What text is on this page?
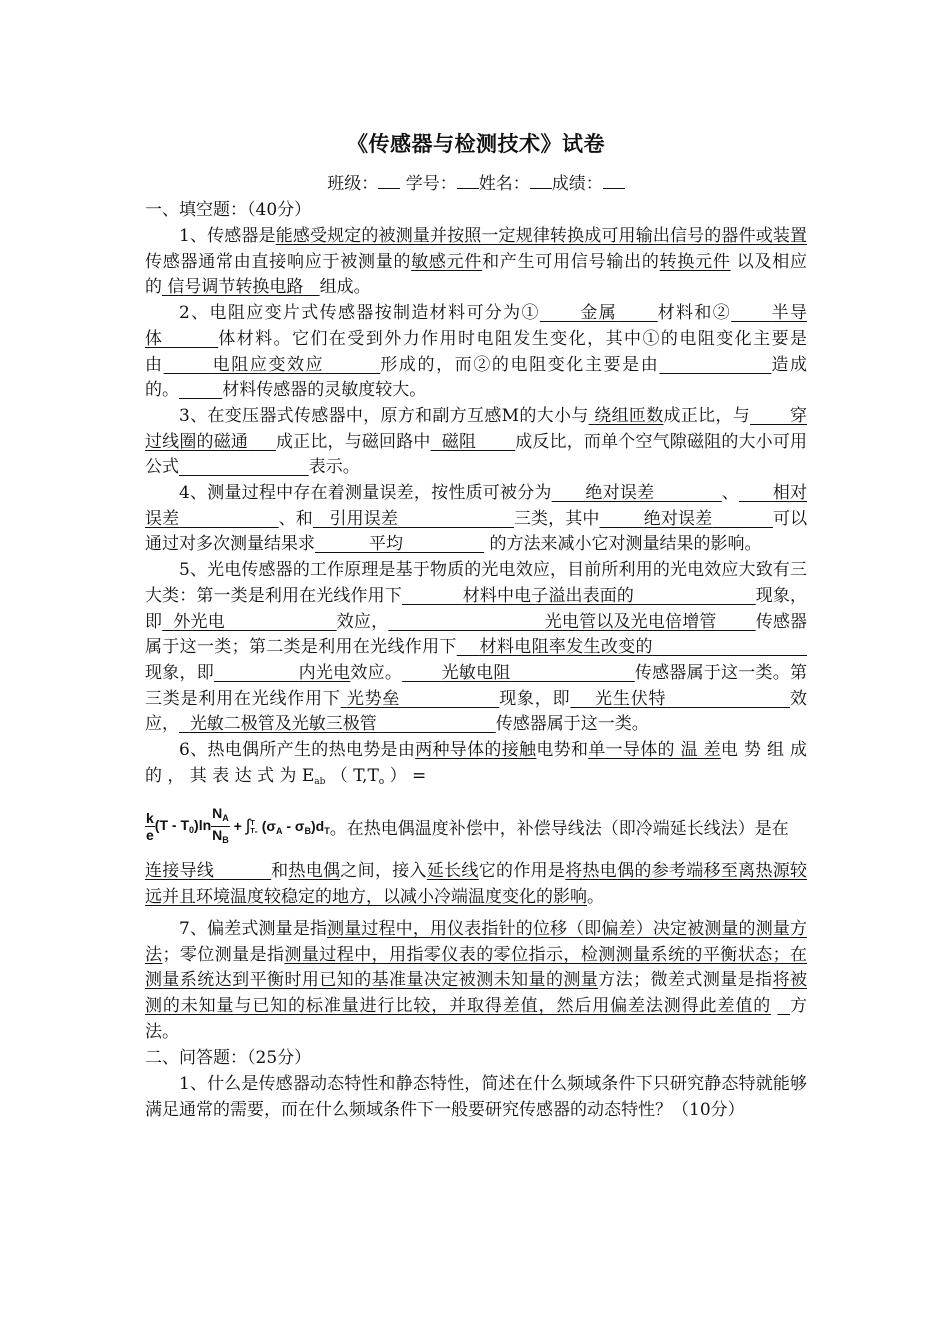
《传感器与检测技术》试卷
班级： 学号： 姓名： 成绩：
一、填空题：（40分）

1、传感器是能感受规定的被测量并按照一定规律转换成可用输出信号的器件或装置传感器通常由直接响应于被测量的敏感元件和产生可用信号输出的转换元件 以及相应的 信号调节转换电路 组成。

2、电阻应变片式传感器按制造材料可分为① 金属 材料和② 半导体	体材料。它们在受到外力作用时电阻发生变化，其中①的电阻变化主要是由	电阻应变效应	形成的，而②的电阻变化主要是由	造成的。	材料传感器的灵敏度较大。

3、在变压器式传感器中，原方和副方互感M的大小与 绕组匝数成正比，与 穿过线圈的磁通 成正比，与磁回路中 磁阻 成反比，而单个空气隙磁阻的大小可用公式	表示。

4、测量过程中存在着测量误差，按性质可被分为 绝对误差	、 相对误差	、和 引用误差	三类，其中	绝对误差	可以通过对多次测量结果求	平均	的方法来减小它对测量结果的影响。

5、光电传感器的工作原理是基于物质的光电效应，目前所利用的光电效应大致有三大类：第一类是利用在光线作用下	材料中电子溢出表面的	现象，即 外光电	效应，	光电管以及光电倍增管 传感器属于这一类；第二类是利用在光线作用下 材料电阻率发生改变的                            现象，即	内光电效应。 光敏电阻	传感器属于这一类。第三类是利用在光线作用下 光势垒	现象，即 光生伏特	效应， 光敏二极管及光敏三极管	传感器属于这一类。

6、热电偶所产生的热电势是由两种导体的接触电势和单一导体的 温 差电 势 组 成 的 ， 其 表 达 式 为 $E_{ab}$ （ $T,T_o$ ） =

$\frac{k}{e} (T - T_0)\ln \frac{N_A}{N_B}$ + ∫ T
T₀ $(\sigma_A - \sigma_B)d_T$ 。在热电偶温度补偿中，补偿导线法（即冷端延长线法）是在

连接导线	和热电偶之间，接入延长线它的作用是将热电偶的参考端移至离热源较远并且环境温度较稳定的地方，以减小冷端温度变化的影响。

7、偏差式测量是指测量过程中，用仪表指针的位移（即偏差）决定被测量的测量方法；零位测量是指测量过程中，用指零仪表的零位指示，检测测量系统的平衡状态；在测量系统达到平衡时用已知的基准量决定被测未知量的测量方法；微差式测量是指将被测的未知量与已知的标准量进行比较，并取得差值，然后用偏差法测得此差值的 方法。

二、问答题：（25分）

1、什么是传感器动态特性和静态特性，简述在什么频域条件下只研究静态特就能够满足通常的需要，而在什么频域条件下一般要研究传感器的动态特性？（10分）
